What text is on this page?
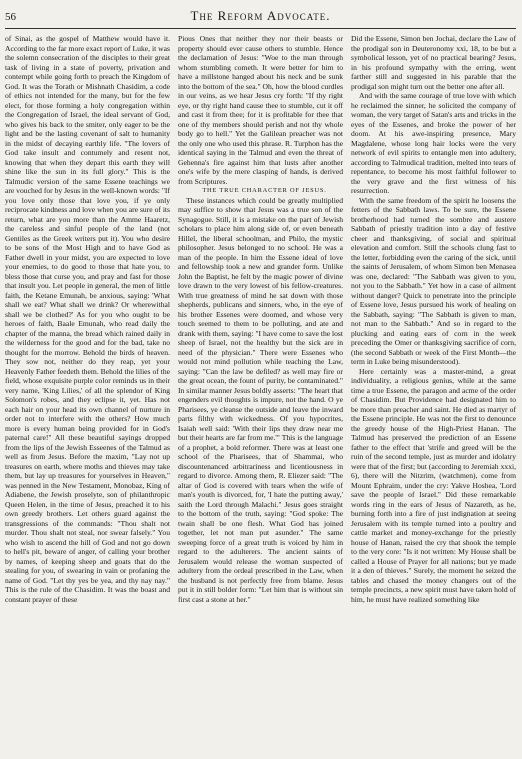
56	The Reform Advocate.

of Sinai, as the gospel of Matthew would have it. According to the far more exact report of Luke, it was the solemn consecration of the disciples to their great task of living in a state of poverty, privation and contempt while going forth to preach the Kingdom of God. It was the Torath or Mishnath Chasidim, a code of ethics not intended for the many, but for the few elect, for those forming a holy congregation within the Congregation of Israel, the ideal servant of God, who gives his back to the smiter, only eager to be the light and be the lasting covenant of salt to humanity in the midst of decaying earthly life. "The lovers of God take insult and contumely and resent not, knowing that when they depart this earth they will shine like the sun in its full glory." This is the Talmudic version of the same Essene teachings we are vouched for by Jesus in the well-known words: "If you love only those that love you, if ye only reciprocate kindness and love when you are sure of its return, what are you more than the Amme Haaretz, the careless and sinful people of the land (not Gentiles as the Greek writers put it). You who desire to be sons of the Most High and to have God as Father dwell in your midst, you are expected to love your enemies, to do good to those that hate you, to bless those that curse you, and pray and fast for those that insult you. Let people in general, the men of little faith, the Ketane Emunah, be anxious, saying: 'What shall we eat? What shall we drink? Or wherewithal shall we be clothed?' As for you who ought to be heroes of faith, Baale Emunah, who read daily the chapter of the manna, the bread which rained daily in the wilderness for the good and for the bad, take no thought for the morrow. Behold the birds of heaven. They sow not, neither do they reap, yet your Heavenly Father feedeth them. Behold the lilies of the field, whose exquisite purple color reminds us in their very name, 'King Lilies,' of all the splendor of King Solomon's robes, and they eclipse it, yet. Has not each hair on your head its own channel of nurture in order not to interfere with the others? How much more is every human being provided for in God's paternal care!" All these beautiful sayings dropped from the lips of the Jewish Esseenes of the Talmud as well as from Jesus. Before the maxim, "Lay not up treasures on earth, where moths and thieves may take them, but lay up treasures for yourselves in Heaven," was penned in the New Testament, Monobaz, King of Adiabene, the Jewish proselyte, son of philanthropic Queen Helen, in the time of Jesus, preached it to his own greedy brothers. Let others guard against the transgressions of the commands: "Thou shalt not murder. Thou shalt not steal, nor swear falsely." You who wish to ascend the hill of God and not go down to hell's pit, beware of anger, of calling your brother by names, of keeping sheep and goats that do the stealing for you, of swearing in vain or profaning the name of God. "Let thy yes be yea, and thy nay nay." This is the rule of the Chasidim. It was the boast and constant prayer of these

Pious Ones that neither they nor their beasts or property should ever cause others to stumble. Hence the declamation of Jesus: "Woe to the man through whom stumbling cometh. It were better for him to have a millstone hanged about his neck and be sunk into the bottom of the sea." Oh, how the blood curdles in our veins, as we hear Jesus cry forth: "If thy right eye, or thy right hand cause thee to stumble, cut it off and cast it from thee; for it is profitable for thee that one of thy members should perish and not thy whole body go to hell." Yet the Galilean preacher was not the only one who used this phrase. R. Turphon has the identical saying in the Talmud and even the threat of Gehenna's fire against him that lusts after another one's wife by the mere clasping of hands, is derived from Scriptures.

THE TRUE CHARACTER OF JESUS.

These instances which could be greatly multiplied may suffice to show that Jesus was a true son of the Synagogue. Still, it is a mistake on the part of Jewish scholars to place him along side of, or even beneath Hillel, the liberal schoolman, and Philo, the mystic philosopher. Jesus belonged to no school. He was a man of the people. In him the Essene ideal of love and fellowship took a new and grander form. Unlike John the Baptist, he felt by the magic power of divine love drawn to the very lowest of his fellow-creatures. With true greatness of mind he sat down with those shepherds, publicans and sinners, who, in the eye of his brother Essenes were doomed, and whose very touch seemed to them to be polluting, and ate and drank with them, saying: "I have come to save the lost sheep of Israel, not the healthy but the sick are in need of the physician." There were Essenes who would not mind pollution while teaching the Law, saying: "Can the law be defiled? as well may fire or the great ocean, the fount of purity, be contaminated." In similar manner Jesus boldly asserts: "The heart that engenders evil thoughts is impure, not the hand. O ye Pharisees, ye cleanse the outside and leave the inward parts filthy with wickedness. Of you hypocrites, Isaiah well said: 'With their lips they draw near me but their hearts are far from me.'" This is the language of a prophet, a bold reformer. There was at least one school of the Pharisees, that of Shammai, who discountenanced arbitrariness and licentiousness in regard to divorce. Among them, R. Eliezer said: "The altar of God is covered with tears when the wife of man's youth is divorced, for, 'I hate the putting away,' saith the Lord through Malachi." Jesus goes straight to the bottom of the truth, saying: "God spoke: The twain shall be one flesh. What God has joined together, let not man put asunder." The same sweeping force of a great truth is voiced by him in regard to the adulterers. The ancient saints of Jerusalem would release the woman suspected of adultery from the ordeal prescribed in the Law, when the husband is not perfectly free from blame. Jesus put it in still bolder form: "Let him that is without sin first cast a stone at her."

Did the Essene, Simon ben Jochai, declare the Law of the prodigal son in Deuteronomy xxi, 18, to be but a symbolical lesson, yet of no practical bearing? Jesus, in his profound sympathy with the erring, went farther still and suggested in his parable that the prodigal son might turn out the better one after all.

And with the same courage of true love with which he reclaimed the sinner, he solicited the company of woman, the very target of Satan's arts and tricks in the eyes of the Essenes, and broke the power of her doom. At his awe-inspiring presence, Mary Magdalene, whose long hair locks were the very network of evil spirits to entangle men into adultery, according to Talmudical tradition, melted into tears of repentance, to become his most faithful follower to the very grave and the first witness of his resurrection.

With the same freedom of the spirit he loosens the fetters of the Sabbath laws. To be sure, the Essene brotherhood had turned the sombre and austere Sabbath of priestly tradition into a day of festive cheer and thanksgiving, of social and spiritual elevation and comfort. Still the schools clung fast to the letter, forbidding even the caring of the sick, until the saints of Jerusalem, of whom Simon ben Menasea was one, declared: "The Sabbath was given to you, not you to the Sabbath." Yet how in a case of ailment without danger? Quick to penetrate into the principle of Essene love, Jesus pursued his work of healing on the Sabbath, saying: "The Sabbath is given to man, not man to the Sabbath." And so in regard to the plucking and eating ears of corn in the week preceding the Omer or thanksgiving sacrifice of corn, (the second Sabbath or week of the First Month—the term in Luke being misunderstood).

Here certainly was a master-mind, a great individuality, a religious genius, while at the same time a true Essene, the paragon and acme of the order of Chasidim. But Providence had designated him to be more than preacher and saint. He died as martyr of the Essene principle. He was not the first to denounce the greedy house of the High-Priest Hanan. The Talmud has preserved the prediction of an Essene father to the effect that 'strife and greed will be the ruin of the second temple, just as murder and idolatry were that of the first; but (according to Jeremiah xxxi, 6), there will the Nitzrim, (watchmen), come from Mount Ephraim, under the cry: Yakve Hoshea, 'Lord save the people of Israel.'' Did these remarkable words ring in the ears of Jesus of Nazareth, as he, burning forth into a fire of just indignation at seeing Jerusalem with its temple turned into a poultry and cattle market and money-exchange for the priestly house of Hanan, raised the cry that shook the temple to the very core: "Is it not written: My House shall be called a House of Prayer for all nations; but ye made it a den of thieves." Surely, the moment he seized the tables and chased the money changers out of the temple precincts, a new spirit must have taken hold of him, he must have realized something like
